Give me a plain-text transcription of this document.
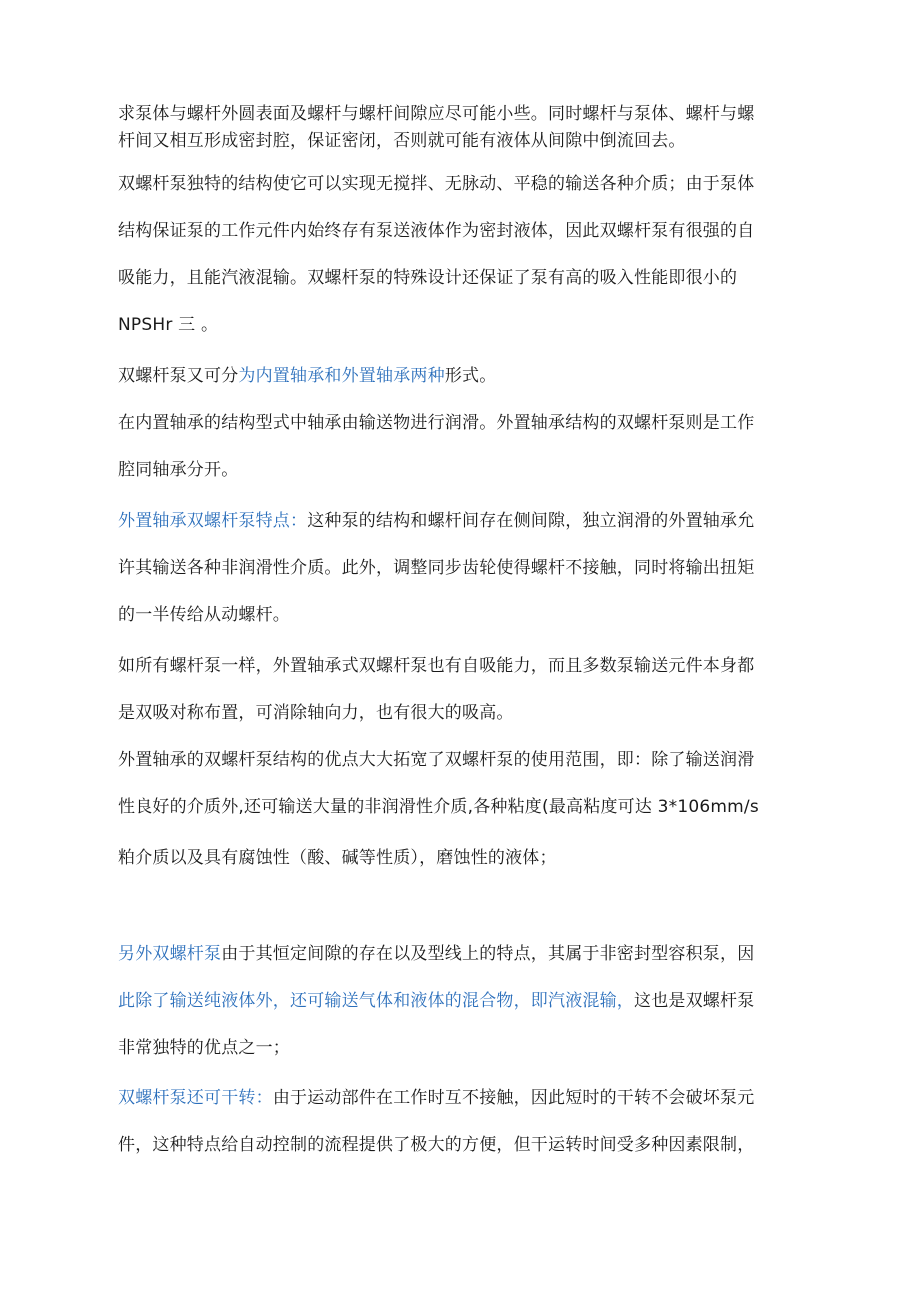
求泵体与螺杆外圆表面及螺杆与螺杆间隙应尽可能小些。同时螺杆与泵体、螺杆与螺
杆间又相互形成密封腔，保证密闭，否则就可能有液体从间隙中倒流回去。
双螺杆泵独特的结构使它可以实现无搅拌、无脉动、平稳的输送各种介质；由于泵体
结构保证泵的工作元件内始终存有泵送液体作为密封液体，因此双螺杆泵有很强的自
吸能力，且能汽液混输。双螺杆泵的特殊设计还保证了泵有高的吸入性能即很小的
NPSHr 三 。
双螺杆泵又可分为内置轴承和外置轴承两种形式。
在内置轴承的结构型式中轴承由输送物进行润滑。外置轴承结构的双螺杆泵则是工作
腔同轴承分开。
外置轴承双螺杆泵特点：这种泵的结构和螺杆间存在侧间隙，独立润滑的外置轴承允
许其输送各种非润滑性介质。此外，调整同步齿轮使得螺杆不接触，同时将输出扭矩
的一半传给从动螺杆。
如所有螺杆泵一样，外置轴承式双螺杆泵也有自吸能力，而且多数泵输送元件本身都
是双吸对称布置，可消除轴向力，也有很大的吸高。
外置轴承的双螺杆泵结构的优点大大拓宽了双螺杆泵的使用范围，即：除了输送润滑
性良好的介质外,还可输送大量的非润滑性介质,各种粘度(最高粘度可达 3*106mm∕s
粕介质以及具有腐蚀性（酸、碱等性质），磨蚀性的液体；
另外双螺杆泵由于其恒定间隙的存在以及型线上的特点，其属于非密封型容积泵，因
此除了输送纯液体外，还可输送气体和液体的混合物，即汽液混输，这也是双螺杆泵
非常独特的优点之一；
双螺杆泵还可干转：由于运动部件在工作时互不接触，因此短时的干转不会破坏泵元
件，这种特点给自动控制的流程提供了极大的方便，但干运转时间受多种因素限制，
